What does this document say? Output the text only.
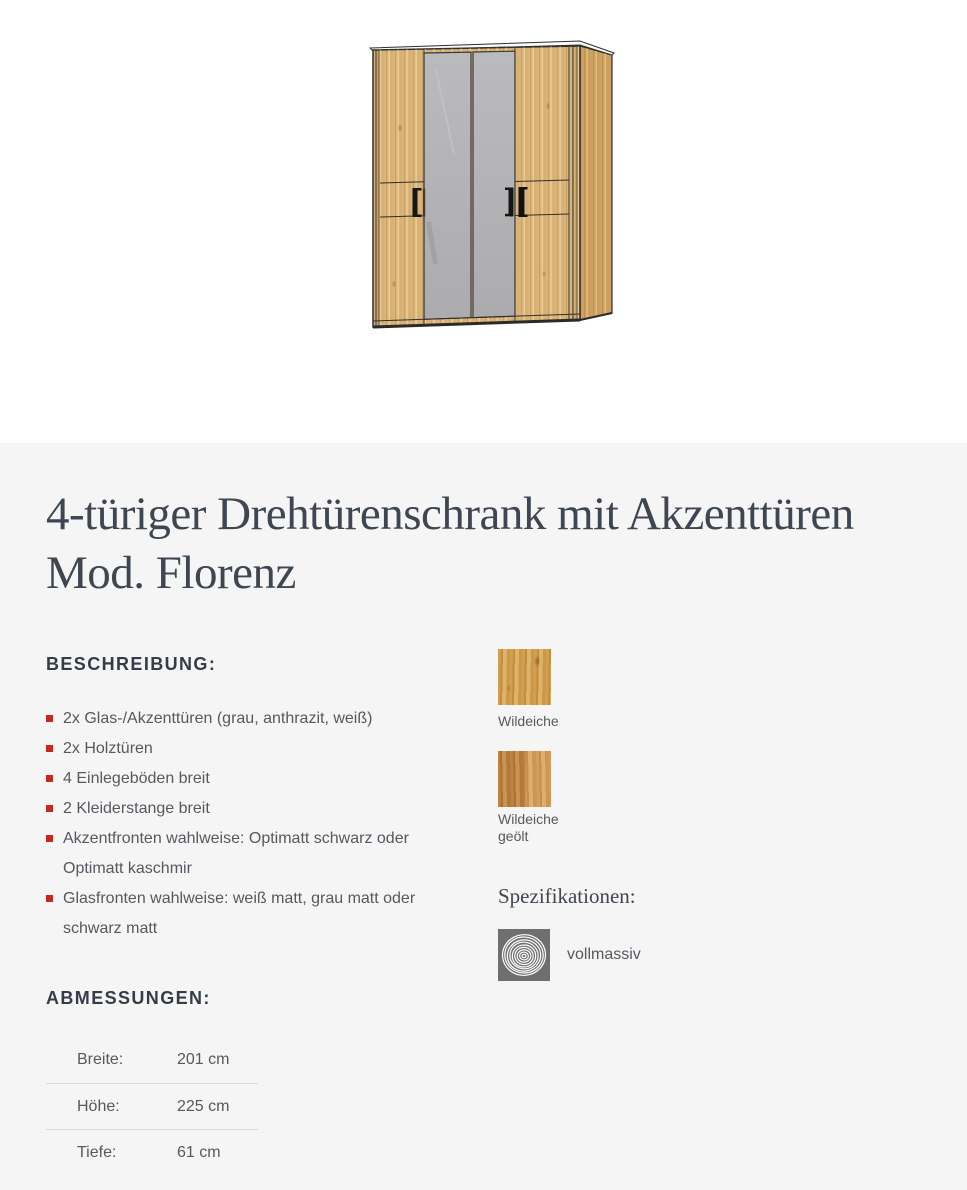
4-türiger Drehtürenschrank mit Akzenttüren Mod. Florenz
BESCHREIBUNG:
2x Glas-/Akzenttüren (grau, anthrazit, weiß)
2x Holztüren
4 Einlegeböden breit
2 Kleiderstange breit
Akzentfronten wahlweise: Optimatt schwarz oder Optimatt kaschmir
Glasfronten wahlweise: weiß matt, grau matt oder schwarz matt
Wildeiche
Wildeiche geölt
Spezifikationen:
vollmassiv
ABMESSUNGEN:
Breite:	201 cm
Höhe:	225 cm
Tiefe:	61 cm
